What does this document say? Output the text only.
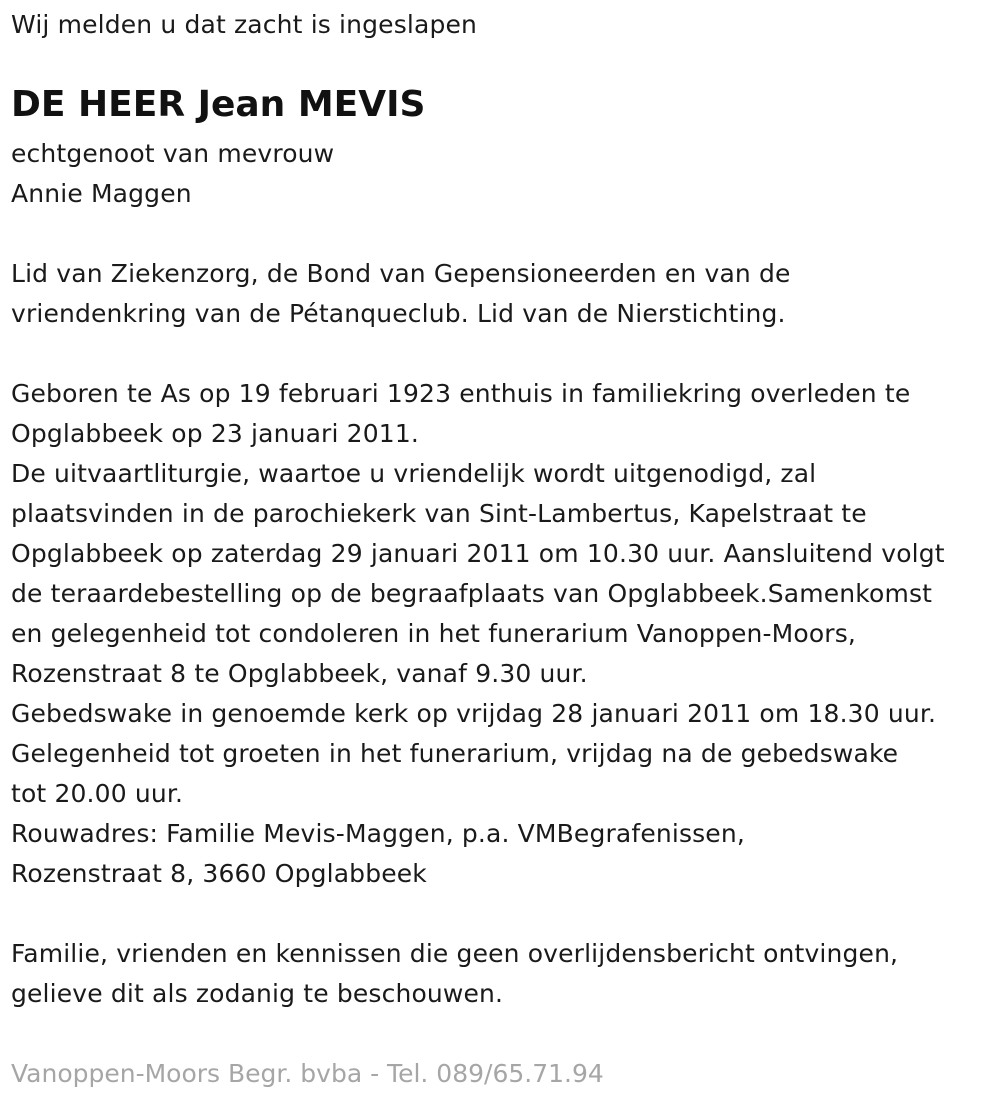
Wij melden u dat zacht is ingeslapen
DE HEER Jean MEVIS
echtgenoot van mevrouw
Annie Maggen
Lid van Ziekenzorg, de Bond van Gepensioneerden en van de
vriendenkring van de Pétanqueclub. Lid van de Nierstichting.
Geboren te As op 19 februari 1923 enthuis in familiekring overleden te
Opglabbeek op 23 januari 2011.
De uitvaartliturgie, waartoe u vriendelijk wordt uitgenodigd, zal
plaatsvinden in de parochiekerk van Sint-Lambertus, Kapelstraat te
Opglabbeek op zaterdag 29 januari 2011 om 10.30 uur. Aansluitend volgt
de teraardebestelling op de begraafplaats van Opglabbeek.Samenkomst
en gelegenheid tot condoleren in het funerarium Vanoppen-Moors,
Rozenstraat 8 te Opglabbeek, vanaf 9.30 uur.
Gebedswake in genoemde kerk op vrijdag 28 januari 2011 om 18.30 uur.
Gelegenheid tot groeten in het funerarium, vrijdag na de gebedswake
tot 20.00 uur.
Rouwadres: Familie Mevis-Maggen, p.a. VMBegrafenissen,
Rozenstraat 8, 3660 Opglabbeek
Familie, vrienden en kennissen die geen overlijdensbericht ontvingen,
gelieve dit als zodanig te beschouwen.
Vanoppen-Moors Begr. bvba - Tel. 089/65.71.94
